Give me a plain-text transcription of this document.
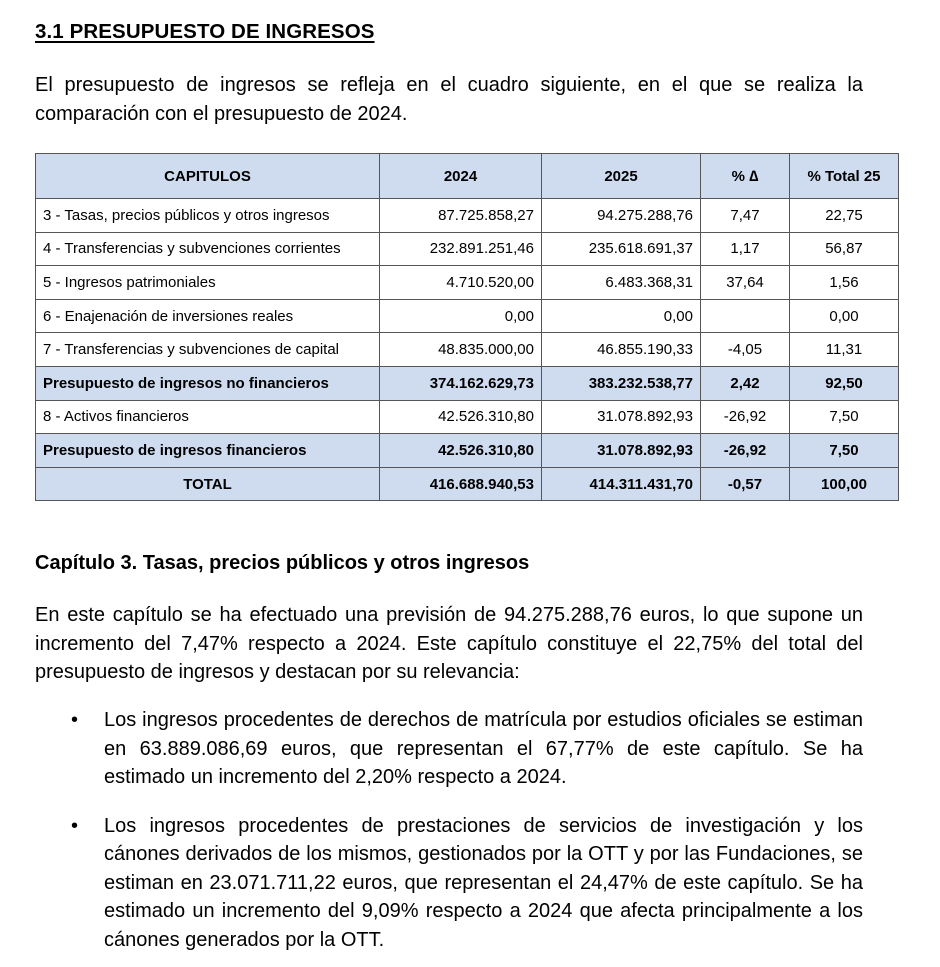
3.1 PRESUPUESTO DE INGRESOS

El presupuesto de ingresos se refleja en el cuadro siguiente, en el que se realiza la comparación con el presupuesto de 2024.

CAPITULOS	2024	2025	% ∆	% Total 25
3 - Tasas, precios públicos y otros ingresos	87.725.858,27	94.275.288,76	7,47	22,75
4 - Transferencias y subvenciones corrientes	232.891.251,46	235.618.691,37	1,17	56,87
5 - Ingresos patrimoniales	4.710.520,00	6.483.368,31	37,64	1,56
6 - Enajenación de inversiones reales	0,00	0,00		0,00
7 - Transferencias y subvenciones de capital	48.835.000,00	46.855.190,33	-4,05	11,31
Presupuesto de ingresos no financieros	374.162.629,73	383.232.538,77	2,42	92,50
8 - Activos financieros	42.526.310,80	31.078.892,93	-26,92	7,50
Presupuesto de ingresos financieros	42.526.310,80	31.078.892,93	-26,92	7,50
TOTAL	416.688.940,53	414.311.431,70	-0,57	100,00
Capítulo 3. Tasas, precios públicos y otros ingresos

En este capítulo se ha efectuado una previsión de 94.275.288,76 euros, lo que supone un incremento del 7,47% respecto a 2024. Este capítulo constituye el 22,75% del total del presupuesto de ingresos y destacan por su relevancia:

• Los ingresos procedentes de derechos de matrícula por estudios oficiales se estiman en 63.889.086,69 euros, que representan el 67,77% de este capítulo. Se ha estimado un incremento del 2,20% respecto a 2024.
• Los ingresos procedentes de prestaciones de servicios de investigación y los cánones derivados de los mismos, gestionados por la OTT y por las Fundaciones, se estiman en 23.071.711,22 euros, que representan el 24,47% de este capítulo. Se ha estimado un incremento del 9,09% respecto a 2024 que afecta principalmente a los cánones generados por la OTT.
